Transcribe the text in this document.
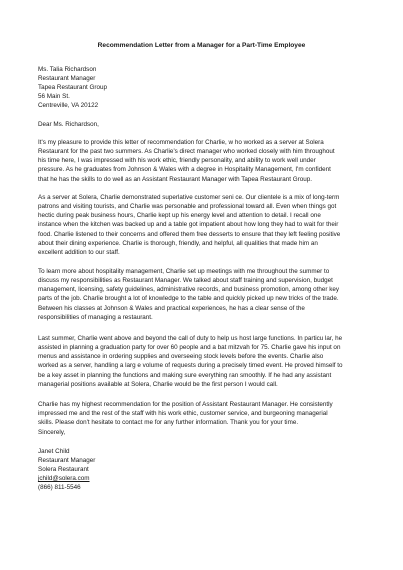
Recommendation Letter from a Manager for a Part-Time Employee
Ms. Talia Richardson
Restaurant Manager
Tapea Restaurant Group
56 Main St.
Centreville, VA 20122
Dear Ms. Richardson,
It's my pleasure to provide this letter of recommendation for Charlie, w ho worked as a server at Solera
Restaurant for the past two summers. As Charlie's direct manager who worked closely with him throughout
his time here, I was impressed with his work ethic, friendly personality, and ability to work well under
pressure. As he graduates from Johnson & Wales with a degree in Hospitality Management, I'm confident
that he has the skills to do well as an Assistant Restaurant Manager with Tapea Restaurant Group.
As a server at Solera, Charlie demonstrated superlative customer seni ce. Our clientele is a mix of long-term
patrons and visiting tourists, and Charlie was personable and professional toward all. Even when things got
hectic during peak business hours, Charlie kept up his energy level and attention to detail. I recall one
instance when the kitchen was backed up and a table got impatient about how long they had to wait for their
food. Charlie listened to their concerns and offered them free desserts to ensure that they left feeling positive
about their dining experience. Charlie is thorough, friendly, and helpful, all qualities that made him an
excellent addition to our staff.
To learn more about hospitality management, Charlie set up meetings with me throughout the summer to
discuss my responsibilities as Restaurant Manager. We talked about staff training and supervision, budget
management, licensing, safety guidelines, administrative records, and business promotion, among other key
parts of the job. Charlie brought a lot of knowledge to the table and quickly picked up new tricks of the trade.
Between his classes at Johnson & Wales and practical experiences, he has a clear sense of the
responsibilities of managing a restaurant.
Last summer, Charlie went above and beyond the call of duty to help us host large functions. In particu lar, he
assisted in planning a graduation party for over 60 people and a bat mitzvah for 75. Charlie gave his input on
menus and assistance in ordering supplies and overseeing stock levels before the events. Charlie also
worked as a server, handling a larg e volume of requests during a precisely timed event. He proved himself to
be a key asset in planning the functions and making sure everything ran smoothly. If he had any assistant
managerial positions available at Solera, Charlie would be the first person I would call.
Charlie has my highest recommendation for the position of Assistant Restaurant Manager. He consistently
impressed me and the rest of the staff with his work ethic, customer service, and burgeoning managerial
skills. Please don't hesitate to contact me for any further information. Thank you for your time.
Sincerely,
Janet Child
Restaurant Manager
Solera Restaurant
jchild@solera.com
(866) 811-5546
